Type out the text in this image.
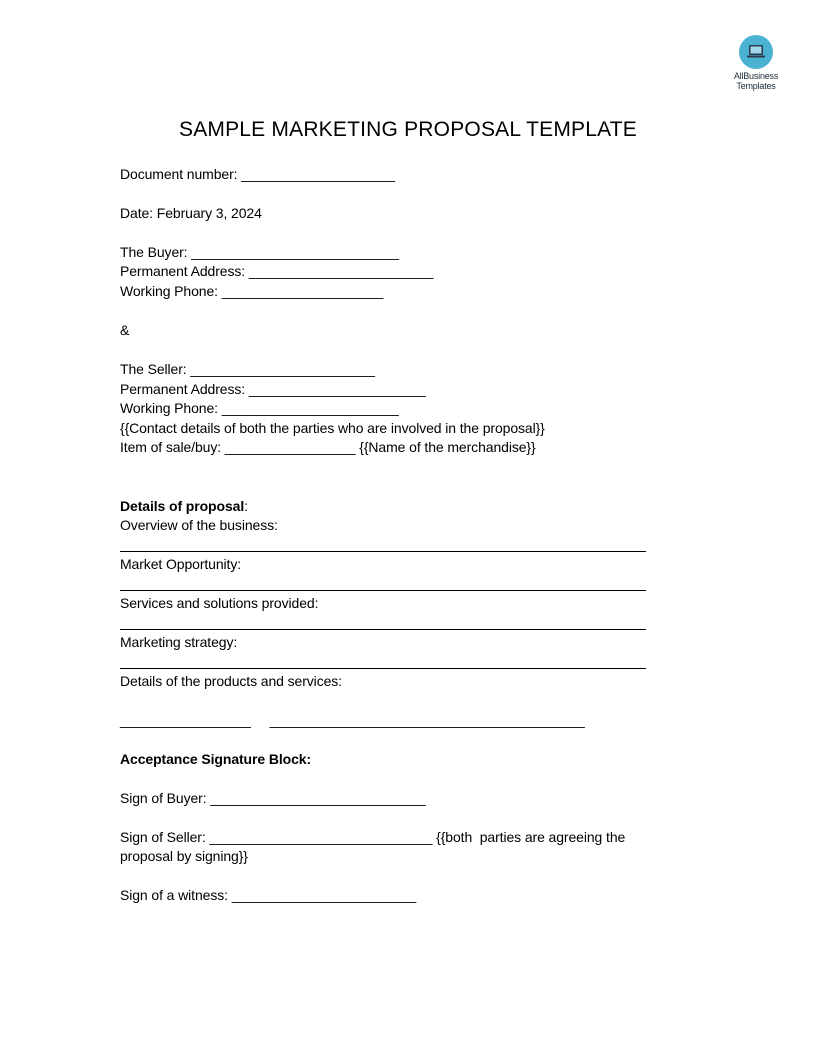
AllBusiness
Templates
SAMPLE MARKETING PROPOSAL TEMPLATE
Document number: ____________________
Date: February 3, 2024
The Buyer: ___________________________
Permanent Address: ________________________
Working Phone: _____________________
&
The Seller: ________________________
Permanent Address: _______________________
Working Phone: _______________________
{{Contact details of both the parties who are involved in the proposal}}
Item of sale/buy: _________________ {{Name of the merchandise}}
Details of proposal:
Overview of the business:
Market Opportunity:
Services and solutions provided:
Marketing strategy:
Details of the products and services:
_________________     _________________________________________
Acceptance Signature Block:
Sign of Buyer: ____________________________
Sign of Seller: _____________________________ {{both  parties are agreeing the
proposal by signing}}
Sign of a witness: ________________________
